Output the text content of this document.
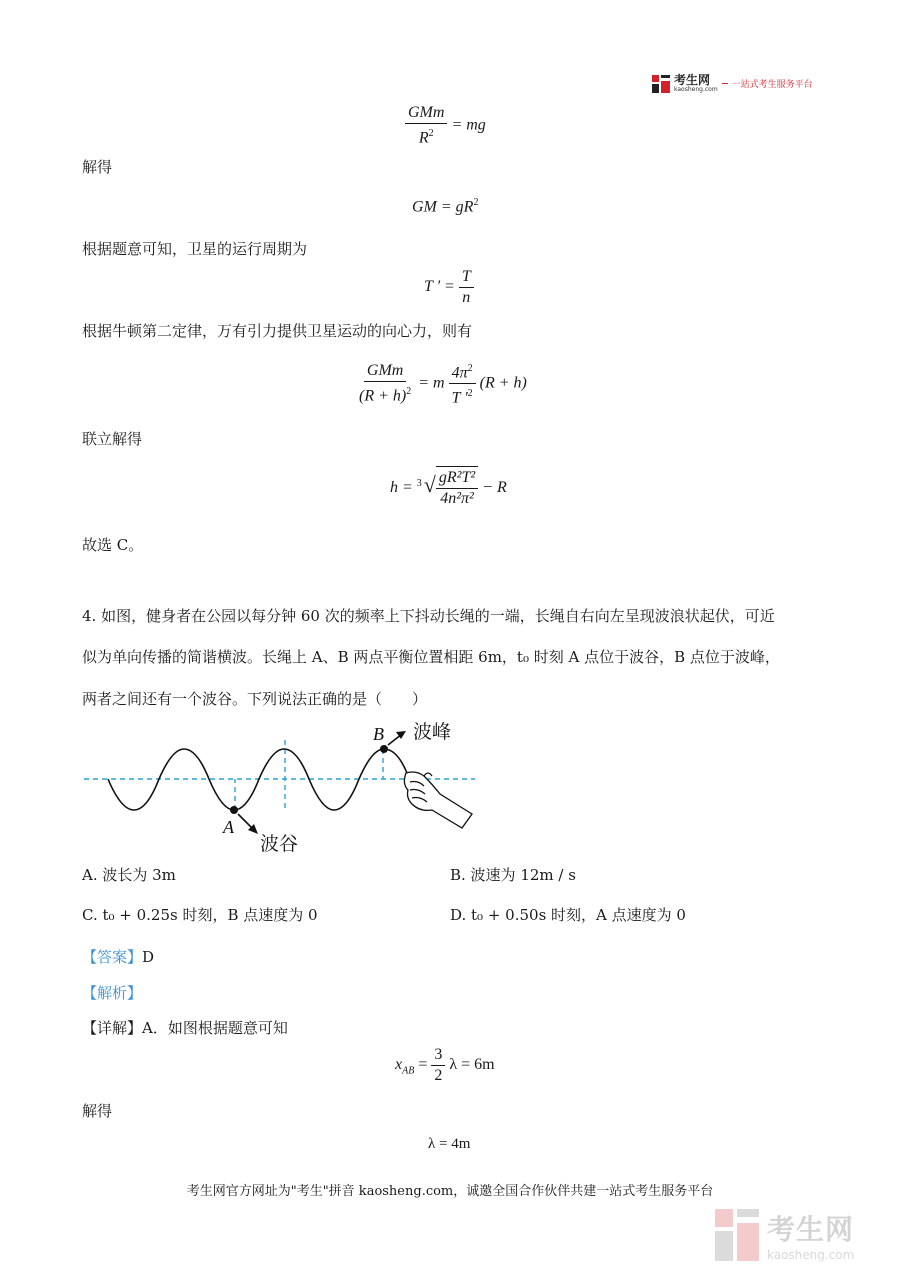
考生网
kaosheng.com 一站式考生服务平台
$\frac{\text{GMm}}{R^2}$ = mg
解得
GM = $gR^2$
根据题意可知，卫星的运行周期为
T ' = $\frac{T}{n}$
根据牛顿第二定律，万有引力提供卫星运动的向心力，则有
$\frac{\text{GMm}}{(R + h)^2} = m \frac{4\pi^2}{T '^2} (R + h)$
联立解得
h = $^3$ √ $\frac{\text{gR²T²}}{\text{4n²π²}} - R$
故选 C。
4. 如图，健身者在公园以每分钟 60 次的频率上下抖动长绳的一端，长绳自右向左呈现波浪状起伏，可近
似为单向传播的简谐横波。长绳上 A、B 两点平衡位置相距 6m，t₀ 时刻 A 点位于波谷，B 点位于波峰，
两者之间还有一个波谷。下列说法正确的是（　　）
A
B
波谷
波峰
A. 波长为 3m	B. 波速为 12m / s
C. t₀ + 0.25s 时刻，B 点速度为 0	D. t₀ + 0.50s 时刻，A 点速度为 0
【答案】D
【解析】
【详解】A．如图根据题意可知
$x_{AB} = \frac{3}{2}$ λ = 6m
解得
λ = 4m
考生网官方网址为"考生"拼音 kaosheng.com，诚邀全国合作伙伴共建一站式考生服务平台
考生网
kaosheng.com
